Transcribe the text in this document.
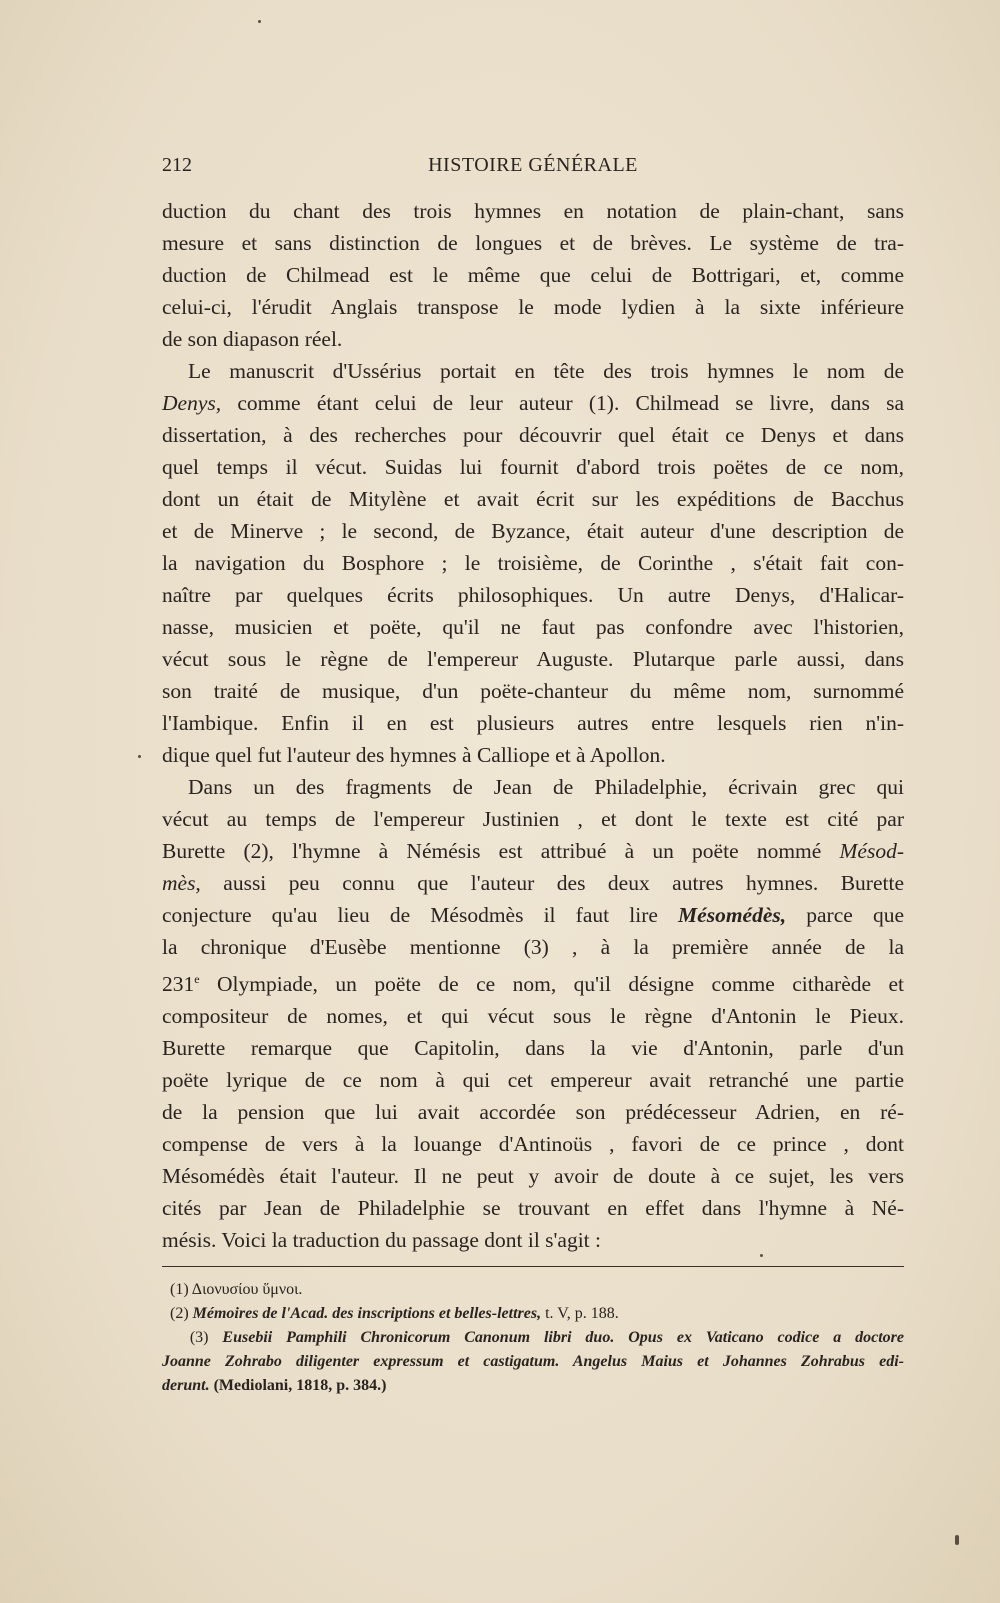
212	HISTOIRE GÉNÉRALE

duction du chant des trois hymnes en notation de plain-chant, sans
mesure et sans distinction de longues et de brèves. Le système de tra-
duction de Chilmead est le même que celui de Bottrigari, et, comme
celui-ci, l'érudit Anglais transpose le mode lydien à la sixte inférieure
de son diapason réel.

Le manuscrit d'Ussérius portait en tête des trois hymnes le nom de
Denys, comme étant celui de leur auteur (1). Chilmead se livre, dans sa
dissertation, à des recherches pour découvrir quel était ce Denys et dans
quel temps il vécut. Suidas lui fournit d'abord trois poëtes de ce nom,
dont un était de Mitylène et avait écrit sur les expéditions de Bacchus
et de Minerve ; le second, de Byzance, était auteur d'une description de
la navigation du Bosphore ; le troisième, de Corinthe , s'était fait con-
naître par quelques écrits philosophiques. Un autre Denys, d'Halicar-
nasse, musicien et poëte, qu'il ne faut pas confondre avec l'historien,
vécut sous le règne de l'empereur Auguste. Plutarque parle aussi, dans
son traité de musique, d'un poëte-chanteur du même nom, surnommé
l'Iambique. Enfin il en est plusieurs autres entre lesquels rien n'in-
dique quel fut l'auteur des hymnes à Calliope et à Apollon.

Dans un des fragments de Jean de Philadelphie, écrivain grec qui
vécut au temps de l'empereur Justinien , et dont le texte est cité par
Burette (2), l'hymne à Némésis est attribué à un poëte nommé Mésod-
mès, aussi peu connu que l'auteur des deux autres hymnes. Burette
conjecture qu'au lieu de Mésodmès il faut lire Mésomédès, parce que
la chronique d'Eusèbe mentionne (3) , à la première année de la
231e Olympiade, un poëte de ce nom, qu'il désigne comme citharède et
compositeur de nomes, et qui vécut sous le règne d'Antonin le Pieux.
Burette remarque que Capitolin, dans la vie d'Antonin, parle d'un
poëte lyrique de ce nom à qui cet empereur avait retranché une partie
de la pension que lui avait accordée son prédécesseur Adrien, en ré-
compense de vers à la louange d'Antinoüs , favori de ce prince , dont
Mésomédès était l'auteur. Il ne peut y avoir de doute à ce sujet, les vers
cités par Jean de Philadelphie se trouvant en effet dans l'hymne à Né-
mésis. Voici la traduction du passage dont il s'agit :

(1) Διονυσίου ὕμνοι.

(2) Mémoires de l'Acad. des inscriptions et belles-lettres, t. V, p. 188.

(3) Eusebii Pamphili Chronicorum Canonum libri duo. Opus ex Vaticano codice a doctore
Joanne Zohrabo diligenter expressum et castigatum. Angelus Maius et Johannes Zohrabus edi-
derunt. (Mediolani, 1818, p. 384.)
